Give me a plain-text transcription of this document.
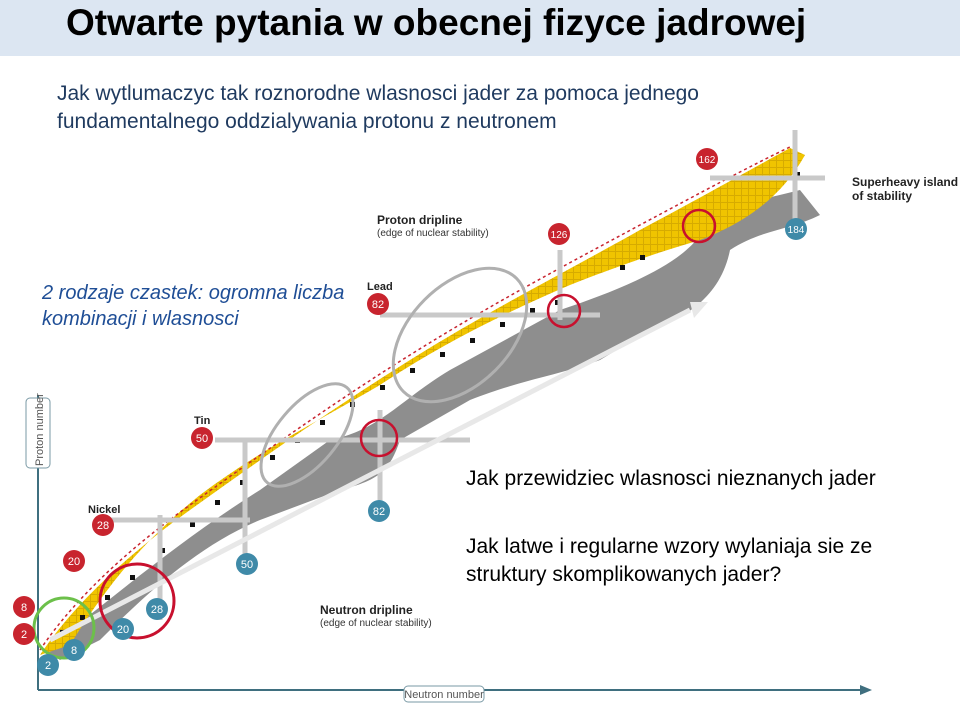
Otwarte pytania w obecnej fizyce jadrowej
Jak wytlumaczyc tak roznorodne wlasnosci jader za pomoca jednego
fundamentalnego oddzialywania protonu z neutronem
Proton number
Neutron number
2
8
20
28
50
82
126
162
2
8
20
28
50
82
184
Proton dripline
(edge of nuclear stability)
Neutron dripline
(edge of nuclear stability)
Superheavy island
of stability
Lead
Tin
Nickel
2 rodzaje czastek: ogromna liczba
kombinacji i wlasnosci
Jak przewidziec wlasnosci nieznanych jader
Jak latwe i regularne wzory wylaniaja sie ze
struktury skomplikowanych jader?
